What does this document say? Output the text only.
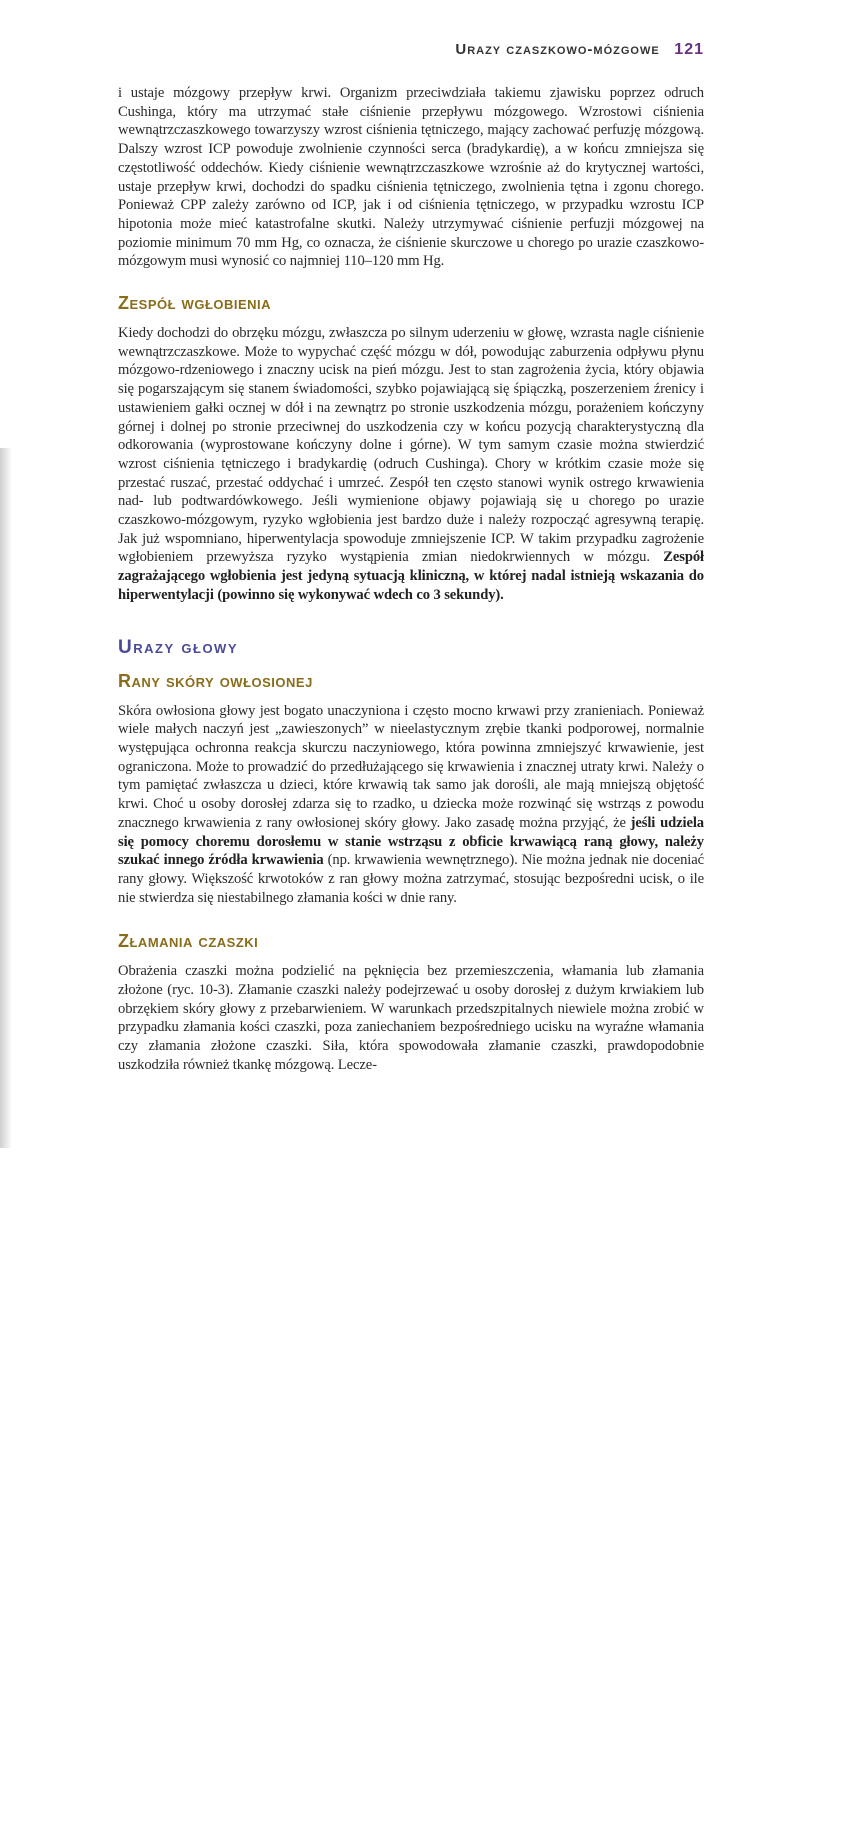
Urazy czaszkowo-mózgowe 121

i ustaje mózgowy przepływ krwi. Organizm przeciwdziała takiemu zjawisku poprzez odruch Cushinga, który ma utrzymać stałe ciśnienie przepływu mózgowego. Wzrostowi ciśnienia wewnątrzczaszkowego towarzyszy wzrost ciśnienia tętniczego, mający zachować perfuzję mózgową. Dalszy wzrost ICP powoduje zwolnienie czynności serca (bradykardię), a w końcu zmniejsza się częstotliwość oddechów. Kiedy ciśnienie wewnątrzczaszkowe wzrośnie aż do krytycznej wartości, ustaje przepływ krwi, dochodzi do spadku ciśnienia tętniczego, zwolnienia tętna i zgonu chorego. Ponieważ CPP zależy zarówno od ICP, jak i od ciśnienia tętniczego, w przypadku wzrostu ICP hipotonia może mieć katastrofalne skutki. Należy utrzymywać ciśnienie perfuzji mózgowej na poziomie minimum 70 mm Hg, co oznacza, że ciśnienie skurczowe u chorego po urazie czaszkowo-mózgowym musi wynosić co najmniej 110–120 mm Hg.

Zespół wgłobienia

Kiedy dochodzi do obrzęku mózgu, zwłaszcza po silnym uderzeniu w głowę, wzrasta nagle ciśnienie wewnątrzczaszkowe. Może to wypychać część mózgu w dół, powodując zaburzenia odpływu płynu mózgowo-rdzeniowego i znaczny ucisk na pień mózgu. Jest to stan zagrożenia życia, który objawia się pogarszającym się stanem świadomości, szybko pojawiającą się śpiączką, poszerzeniem źrenicy i ustawieniem gałki ocznej w dół i na zewnątrz po stronie uszkodzenia mózgu, porażeniem kończyny górnej i dolnej po stronie przeciwnej do uszkodzenia czy w końcu pozycją charakterystyczną dla odkorowania (wyprostowane kończyny dolne i górne). W tym samym czasie można stwierdzić wzrost ciśnienia tętniczego i bradykardię (odruch Cushinga). Chory w krótkim czasie może się przestać ruszać, przestać oddychać i umrzeć. Zespół ten często stanowi wynik ostrego krwawienia nad- lub podtwardówkowego. Jeśli wymienione objawy pojawiają się u chorego po urazie czaszkowo-mózgowym, ryzyko wgłobienia jest bardzo duże i należy rozpocząć agresywną terapię. Jak już wspomniano, hiperwentylacja spowoduje zmniejszenie ICP. W takim przypadku zagrożenie wgłobieniem przewyższa ryzyko wystąpienia zmian niedokrwiennych w mózgu. Zespół zagrażającego wgłobienia jest jedyną sytuacją kliniczną, w której nadal istnieją wskazania do hiperwentylacji (powinno się wykonywać wdech co 3 sekundy).

Urazy głowy
Rany skóry owłosionej

Skóra owłosiona głowy jest bogato unaczyniona i często mocno krwawi przy zranieniach. Ponieważ wiele małych naczyń jest „zawieszonych” w nieelastycznym zrębie tkanki podporowej, normalnie występująca ochronna reakcja skurczu naczyniowego, która powinna zmniejszyć krwawienie, jest ograniczona. Może to prowadzić do przedłużającego się krwawienia i znacznej utraty krwi. Należy o tym pamiętać zwłaszcza u dzieci, które krwawią tak samo jak dorośli, ale mają mniejszą objętość krwi. Choć u osoby dorosłej zdarza się to rzadko, u dziecka może rozwinąć się wstrząs z powodu znacznego krwawienia z rany owłosionej skóry głowy. Jako zasadę można przyjąć, że jeśli udziela się pomocy choremu dorosłemu w stanie wstrząsu z obficie krwawiącą raną głowy, należy szukać innego źródła krwawienia (np. krwawienia wewnętrznego). Nie można jednak nie doceniać rany głowy. Większość krwotoków z ran głowy można zatrzymać, stosując bezpośredni ucisk, o ile nie stwierdza się niestabilnego złamania kości w dnie rany.

Złamania czaszki

Obrażenia czaszki można podzielić na pęknięcia bez przemieszczenia, włamania lub złamania złożone (ryc. 10-3). Złamanie czaszki należy podejrzewać u osoby dorosłej z dużym krwiakiem lub obrzękiem skóry głowy z przebarwieniem. W warunkach przedszpitalnych niewiele można zrobić w przypadku złamania kości czaszki, poza zaniechaniem bezpośredniego ucisku na wyraźne włamania czy złamania złożone czaszki. Siła, która spowodowała złamanie czaszki, prawdopodobnie uszkodziła również tkankę mózgową. Lecze-
